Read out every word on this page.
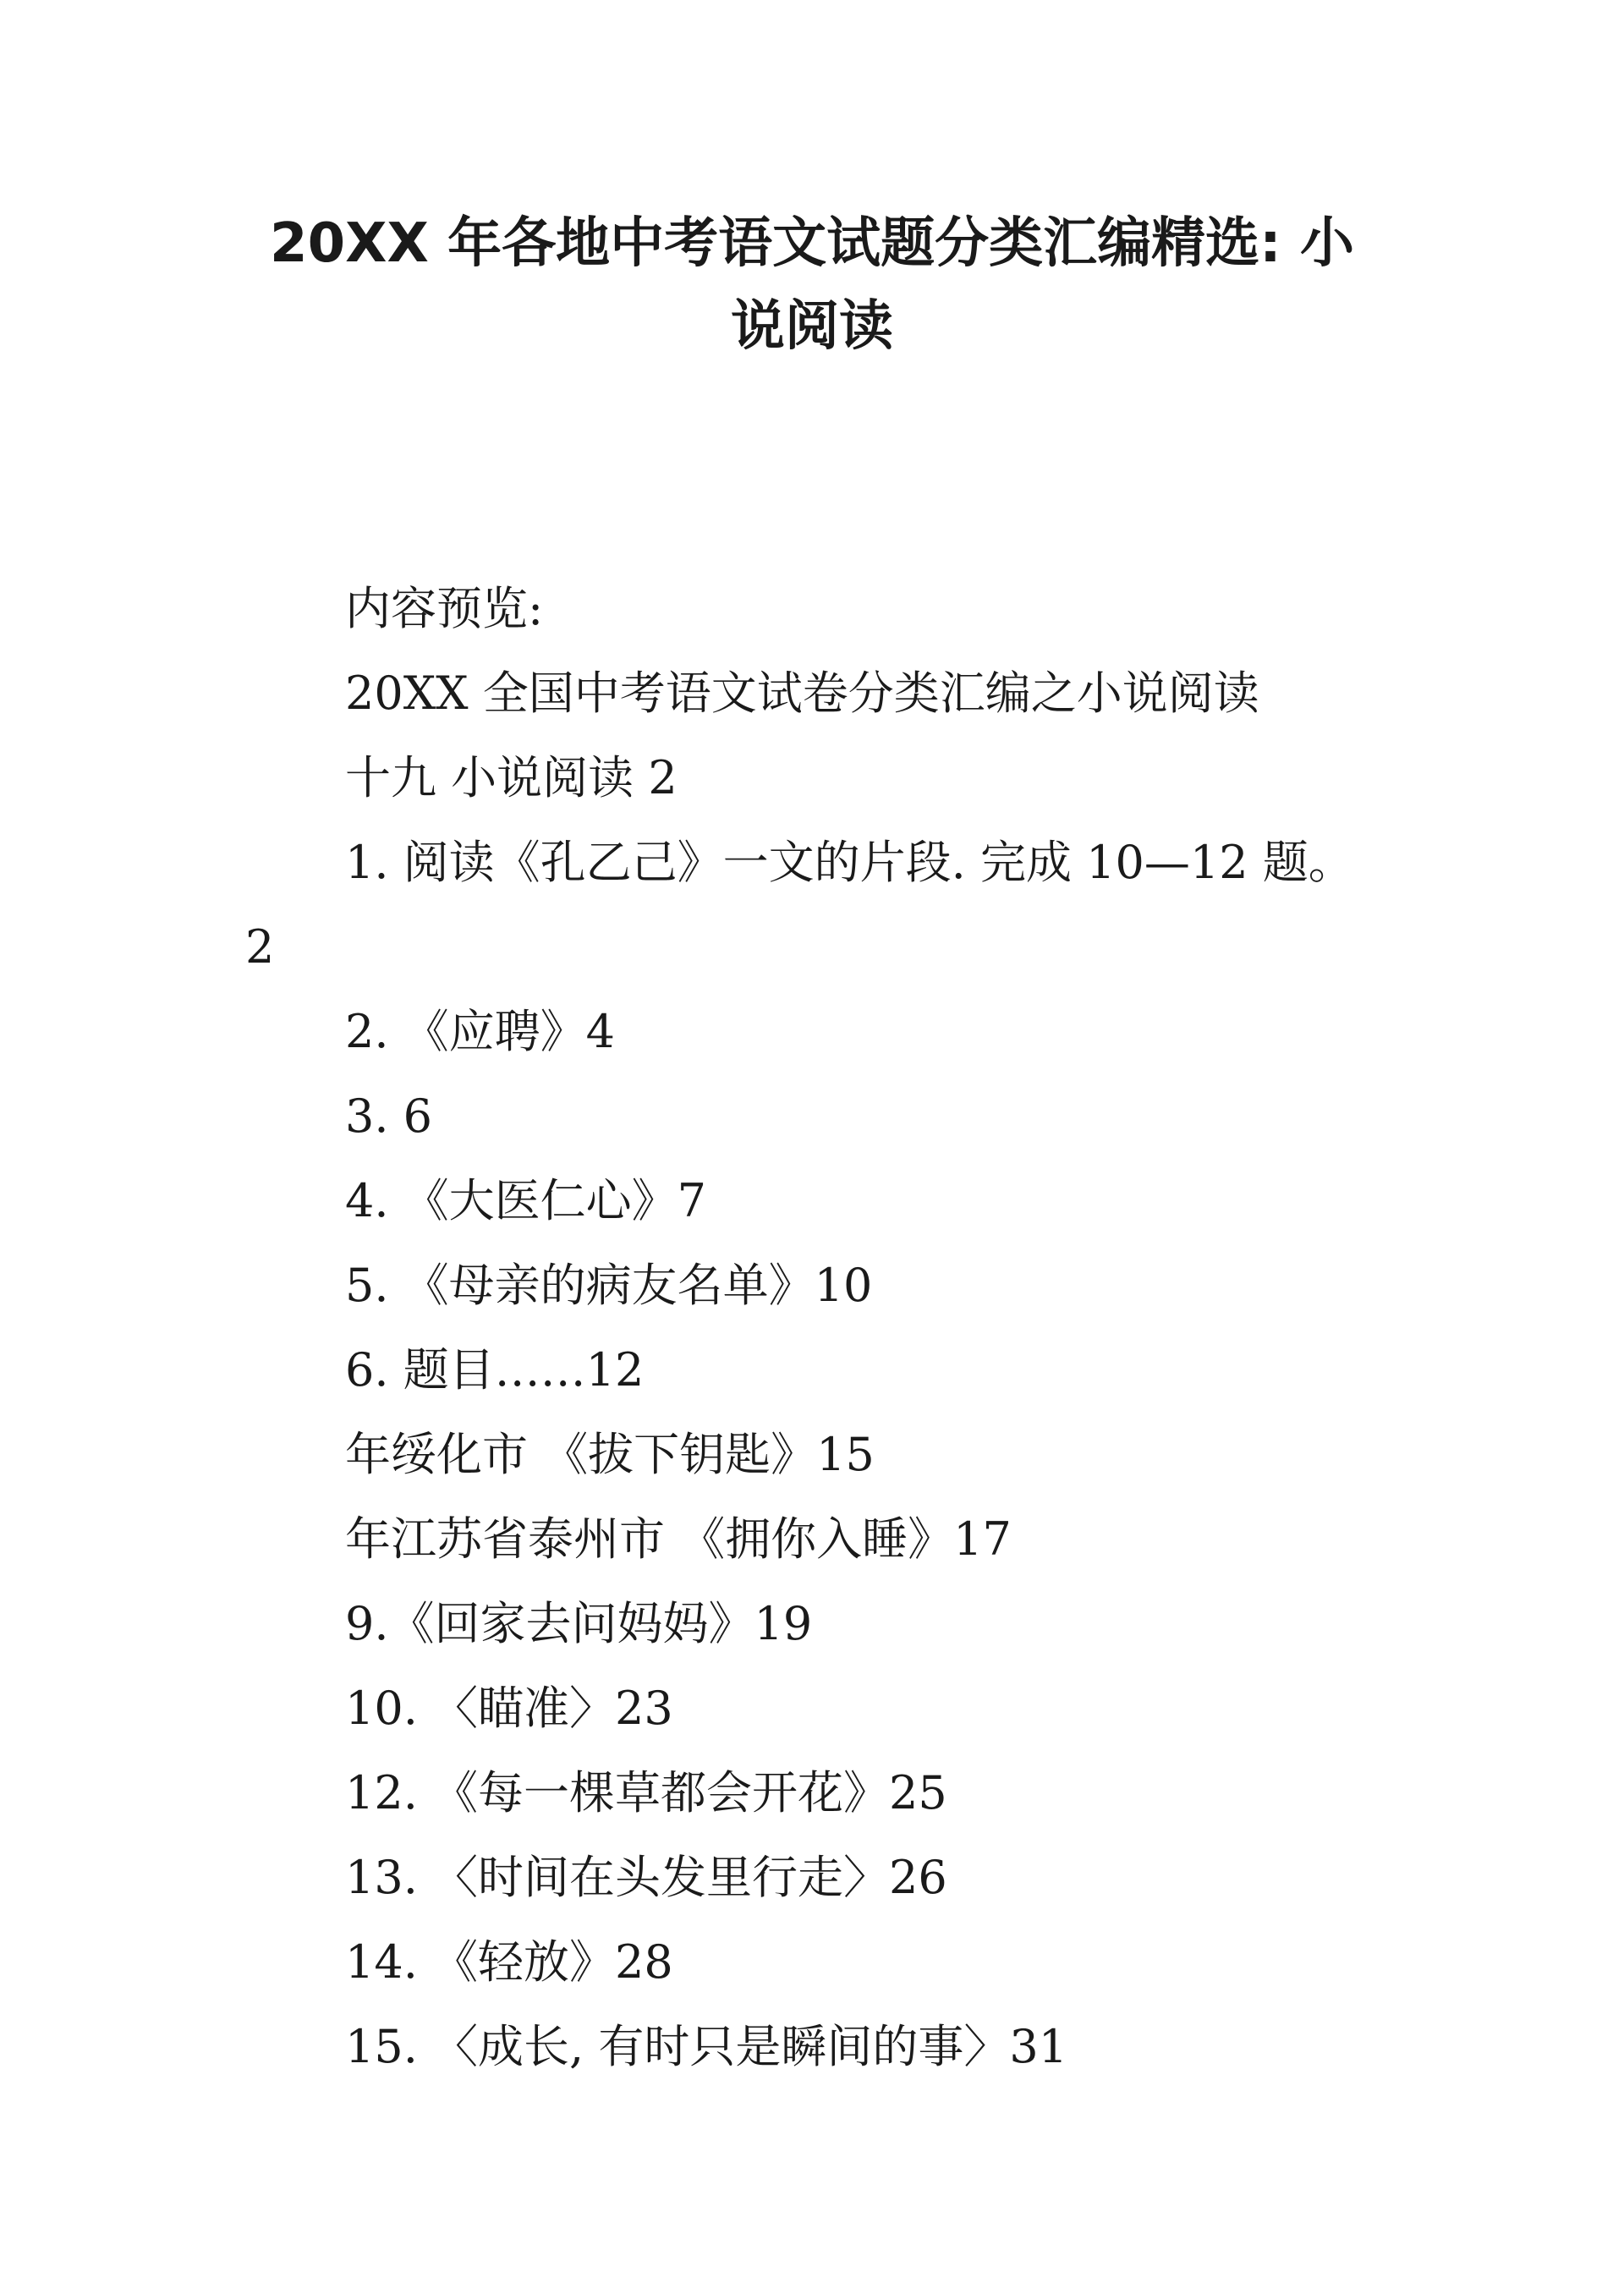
20XX 年各地中考语文试题分类汇编精选: 小
说阅读

内容预览:

20XX 全国中考语文试卷分类汇编之小说阅读

十九 小说阅读 2

1. 阅读《孔乙己》一文的片段. 完成 10—12 题。

2

2. 《应聘》4

3. 6

4. 《大医仁心》7

5. 《母亲的病友名单》10

6. 题目……12

年绥化市 《拔下钥匙》15

年江苏省泰州市 《拥你入睡》17

9.《回家去问妈妈》19

10. 〈瞄准〉23

12. 《每一棵草都会开花》25

13. 〈时间在头发里行走〉26

14. 《轻放》28

15. 〈成长, 有时只是瞬间的事〉31
